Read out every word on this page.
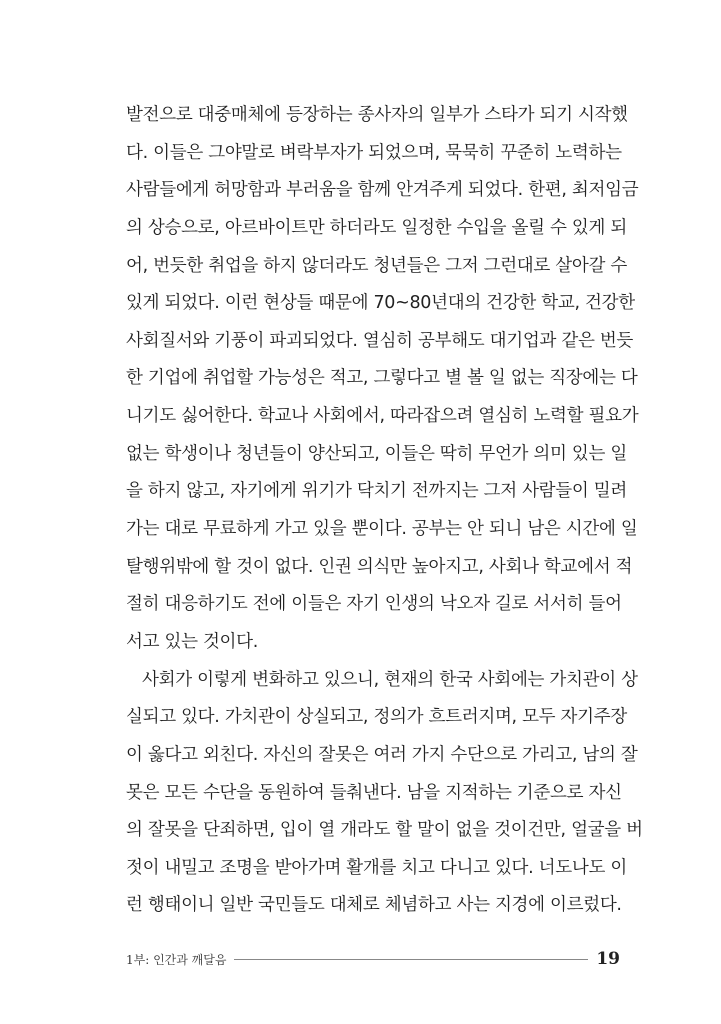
발전으로 대중매체에 등장하는 종사자의 일부가 스타가 되기 시작했
다. 이들은 그야말로 벼락부자가 되었으며, 묵묵히 꾸준히 노력하는
사람들에게 허망함과 부러움을 함께 안겨주게 되었다. 한편, 최저임금
의 상승으로, 아르바이트만 하더라도 일정한 수입을 올릴 수 있게 되
어, 번듯한 취업을 하지 않더라도 청년들은 그저 그런대로 살아갈 수
있게 되었다. 이런 현상들 때문에 70~80년대의 건강한 학교, 건강한
사회질서와 기풍이 파괴되었다. 열심히 공부해도 대기업과 같은 번듯
한 기업에 취업할 가능성은 적고, 그렇다고 별 볼 일 없는 직장에는 다
니기도 싫어한다. 학교나 사회에서, 따라잡으려 열심히 노력할 필요가
없는 학생이나 청년들이 양산되고, 이들은 딱히 무언가 의미 있는 일
을 하지 않고, 자기에게 위기가 닥치기 전까지는 그저 사람들이 밀려
가는 대로 무료하게 가고 있을 뿐이다. 공부는 안 되니 남은 시간에 일
탈행위밖에 할 것이 없다. 인권 의식만 높아지고, 사회나 학교에서 적
절히 대응하기도 전에 이들은 자기 인생의 낙오자 길로 서서히 들어
서고 있는 것이다.
사회가 이렇게 변화하고 있으니, 현재의 한국 사회에는 가치관이 상
실되고 있다. 가치관이 상실되고, 정의가 흐트러지며, 모두 자기주장
이 옳다고 외친다. 자신의 잘못은 여러 가지 수단으로 가리고, 남의 잘
못은 모든 수단을 동원하여 들춰낸다. 남을 지적하는 기준으로 자신
의 잘못을 단죄하면, 입이 열 개라도 할 말이 없을 것이건만, 얼굴을 버
젓이 내밀고 조명을 받아가며 활개를 치고 다니고 있다. 너도나도 이
런 행태이니 일반 국민들도 대체로 체념하고 사는 지경에 이르렀다.
1부: 인간과 깨달음	19
